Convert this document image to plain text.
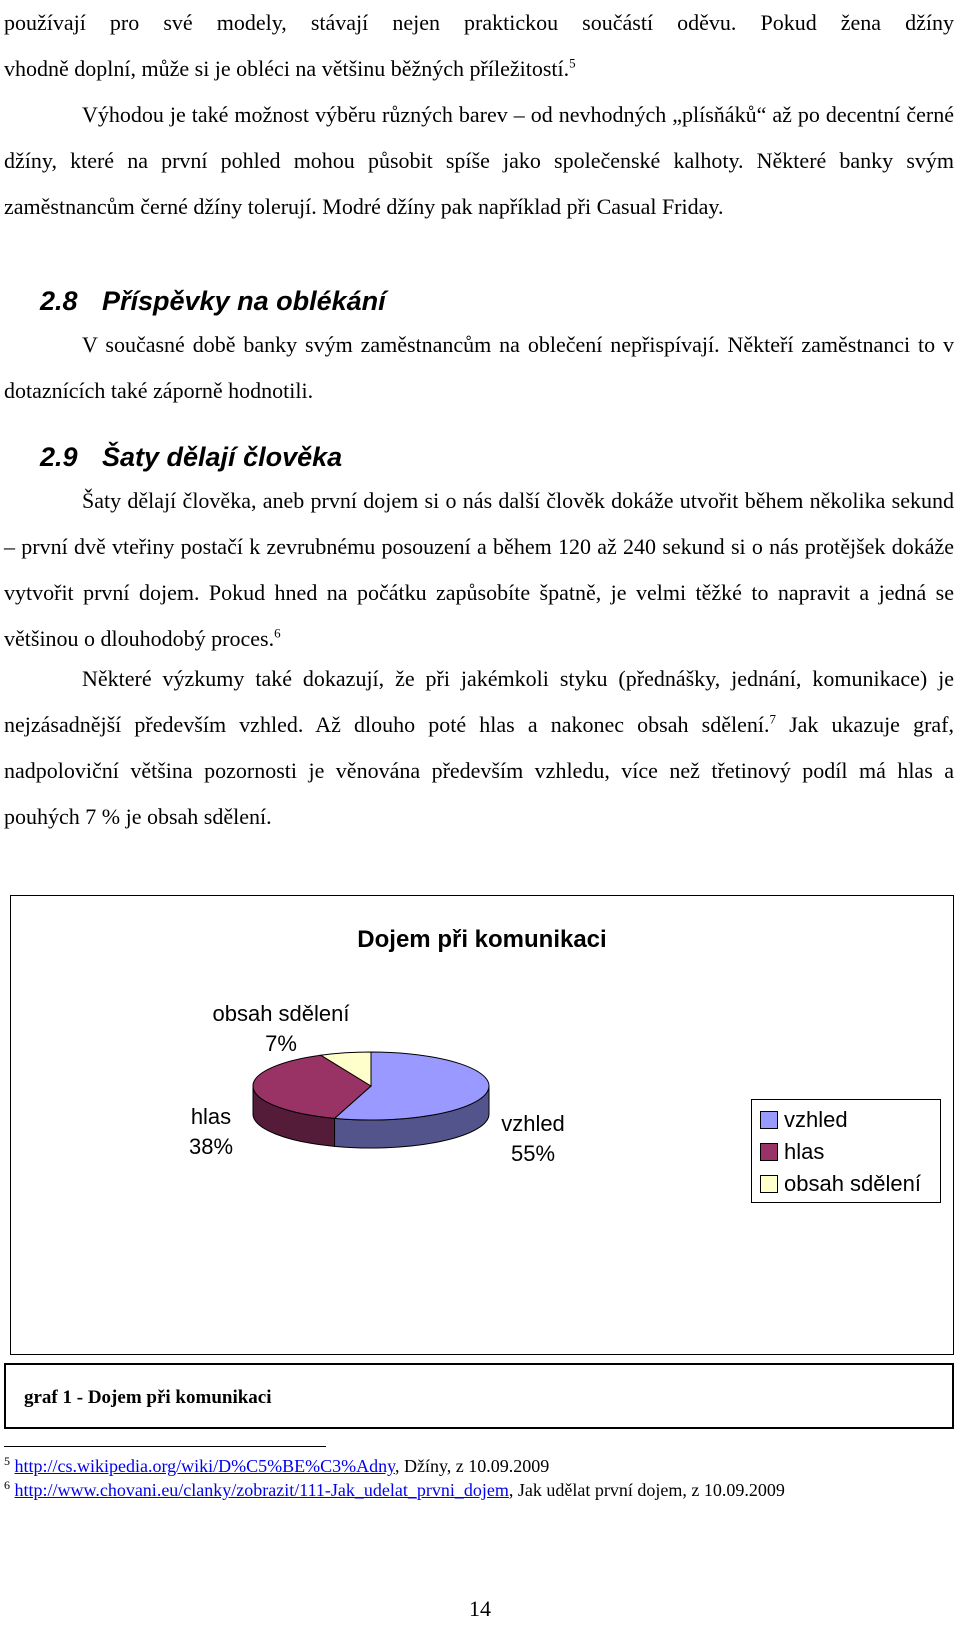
používají pro své modely, stávají nejen praktickou součástí oděvu. Pokud žena džíny
vhodně doplní, může si je obléci na většinu běžných příležitostí.$^5$

Výhodou je také možnost výběru různých barev – od nevhodných „plísňáků“ až po decentní černé džíny, které na první pohled mohou působit spíše jako společenské kalhoty. Některé banky svým zaměstnancům černé džíny tolerují. Modré džíny pak například při Casual Friday.

2.8 Příspěvky na oblékání

V současné době banky svým zaměstnancům na oblečení nepřispívají. Někteří zaměstnanci to v dotaznících také záporně hodnotili.

2.9 Šaty dělají člověka

Šaty dělají člověka, aneb první dojem si o nás další člověk dokáže utvořit během několika sekund – první dvě vteřiny postačí k zevrubnému posouzení a během 120 až 240 sekund si o nás protějšek dokáže vytvořit první dojem. Pokud hned na počátku zapůsobíte špatně, je velmi těžké to napravit a jedná se většinou o dlouhodobý proces.$^6$

Některé výzkumy také dokazují, že při jakémkoli styku (přednášky, jednání, komunikace) je nejzásadnější především vzhled. Až dlouho poté hlas a nakonec obsah sdělení.$^7$ Jak ukazuje graf, nadpoloviční většina pozornosti je věnována především vzhledu, více než třetinový podíl má hlas a pouhých 7 % je obsah sdělení.

Dojem při komunikaci
vzhled
55%
hlas
38%
obsah sdělení
7%
vzhled
hlas
obsah sdělení
graf 1 - Dojem při komunikaci

$^5$ http://cs.wikipedia.org/wiki/D%C5%BE%C3%Adny, Džíny, z 10.09.2009

$^6$ http://www.chovani.eu/clanky/zobrazit/111-Jak_udelat_prvni_dojem, Jak udělat první dojem, z 10.09.2009

14
